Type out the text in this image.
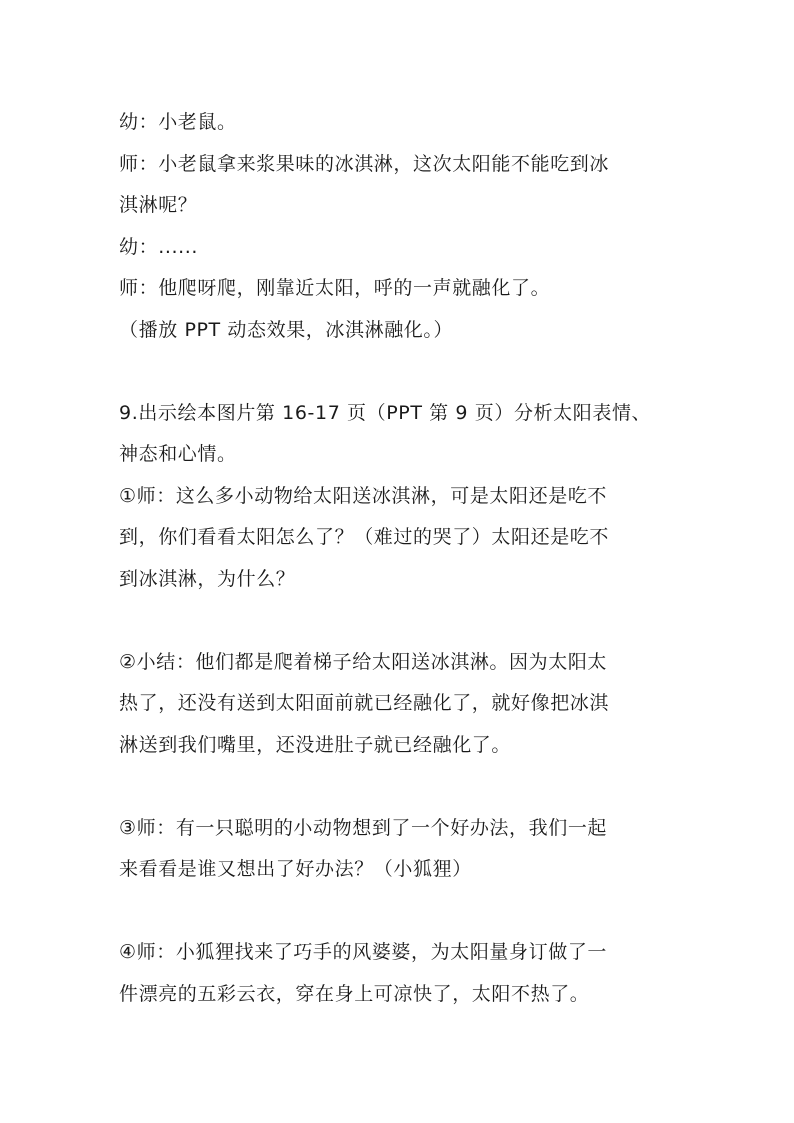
幼：小老鼠。
师：小老鼠拿来浆果味的冰淇淋，这次太阳能不能吃到冰
淇淋呢？
幼：......
师：他爬呀爬，刚靠近太阳，呼的一声就融化了。
（播放 PPT 动态效果，冰淇淋融化。）
9.出示绘本图片第 16-17 页（PPT 第 9 页）分析太阳表情、
神态和心情。
①师：这么多小动物给太阳送冰淇淋，可是太阳还是吃不
到，你们看看太阳怎么了？（难过的哭了）太阳还是吃不
到冰淇淋，为什么？
②小结：他们都是爬着梯子给太阳送冰淇淋。因为太阳太
热了，还没有送到太阳面前就已经融化了，就好像把冰淇
淋送到我们嘴里，还没进肚子就已经融化了。
③师：有一只聪明的小动物想到了一个好办法，我们一起
来看看是谁又想出了好办法？（小狐狸）
④师：小狐狸找来了巧手的风婆婆，为太阳量身订做了一
件漂亮的五彩云衣，穿在身上可凉快了，太阳不热了。
